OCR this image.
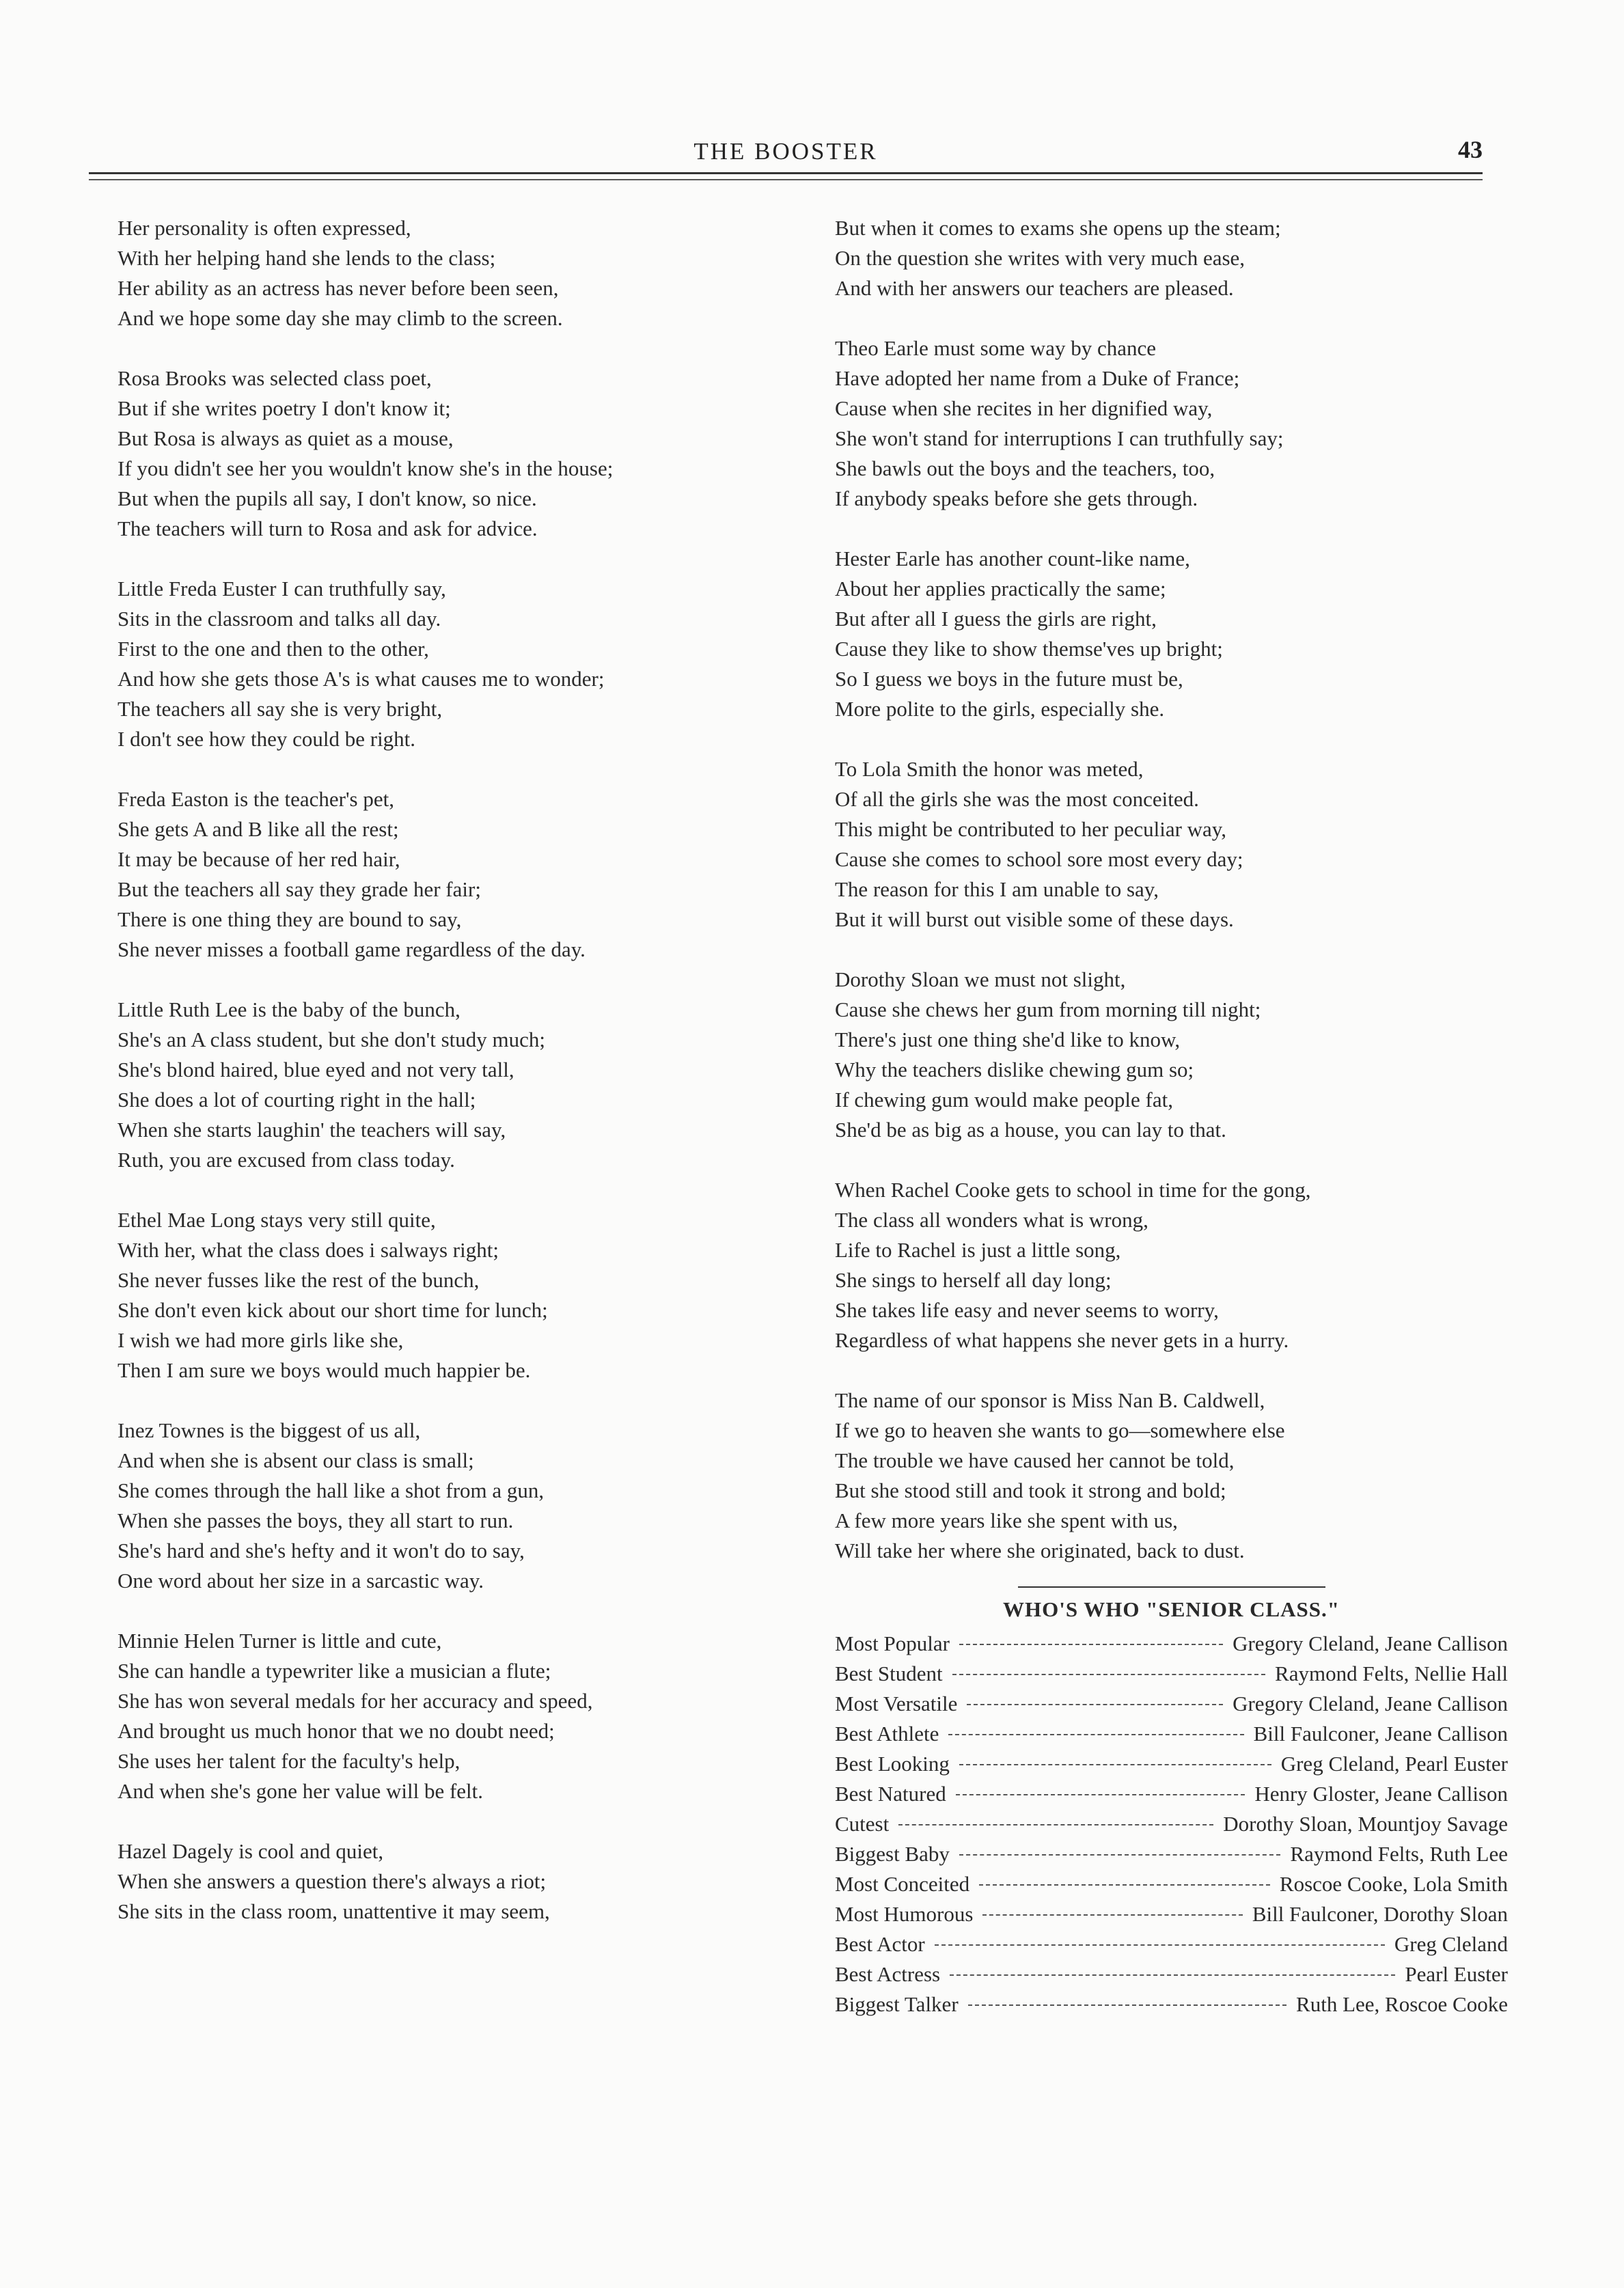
THE BOOSTER	43
Her personality is often expressed,
With her helping hand she lends to the class;
Her ability as an actress has never before been seen,
And we hope some day she may climb to the screen.
Rosa Brooks was selected class poet,
But if she writes poetry I don't know it;
But Rosa is always as quiet as a mouse,
If you didn't see her you wouldn't know she's in the house;
But when the pupils all say, I don't know, so nice.
The teachers will turn to Rosa and ask for advice.
Little Freda Euster I can truthfully say,
Sits in the classroom and talks all day.
First to the one and then to the other,
And how she gets those A's is what causes me to wonder;
The teachers all say she is very bright,
I don't see how they could be right.
Freda Easton is the teacher's pet,
She gets A and B like all the rest;
It may be because of her red hair,
But the teachers all say they grade her fair;
There is one thing they are bound to say,
She never misses a football game regardless of the day.
Little Ruth Lee is the baby of the bunch,
She's an A class student, but she don't study much;
She's blond haired, blue eyed and not very tall,
She does a lot of courting right in the hall;
When she starts laughin' the teachers will say,
Ruth, you are excused from class today.
Ethel Mae Long stays very still quite,
With her, what the class does i salways right;
She never fusses like the rest of the bunch,
She don't even kick about our short time for lunch;
I wish we had more girls like she,
Then I am sure we boys would much happier be.
Inez Townes is the biggest of us all,
And when she is absent our class is small;
She comes through the hall like a shot from a gun,
When she passes the boys, they all start to run.
She's hard and she's hefty and it won't do to say,
One word about her size in a sarcastic way.
Minnie Helen Turner is little and cute,
She can handle a typewriter like a musician a flute;
She has won several medals for her accuracy and speed,
And brought us much honor that we no doubt need;
She uses her talent for the faculty's help,
And when she's gone her value will be felt.
Hazel Dagely is cool and quiet,
When she answers a question there's always a riot;
She sits in the class room, unattentive it may seem,
But when it comes to exams she opens up the steam;
On the question she writes with very much ease,
And with her answers our teachers are pleased.
Theo Earle must some way by chance
Have adopted her name from a Duke of France;
Cause when she recites in her dignified way,
She won't stand for interruptions I can truthfully say;
She bawls out the boys and the teachers, too,
If anybody speaks before she gets through.
Hester Earle has another count-like name,
About her applies practically the same;
But after all I guess the girls are right,
Cause they like to show themse'ves up bright;
So I guess we boys in the future must be,
More polite to the girls, especially she.
To Lola Smith the honor was meted,
Of all the girls she was the most conceited.
This might be contributed to her peculiar way,
Cause she comes to school sore most every day;
The reason for this I am unable to say,
But it will burst out visible some of these days.
Dorothy Sloan we must not slight,
Cause she chews her gum from morning till night;
There's just one thing she'd like to know,
Why the teachers dislike chewing gum so;
If chewing gum would make people fat,
She'd be as big as a house, you can lay to that.
When Rachel Cooke gets to school in time for the gong,
The class all wonders what is wrong,
Life to Rachel is just a little song,
She sings to herself all day long;
She takes life easy and never seems to worry,
Regardless of what happens she never gets in a hurry.
The name of our sponsor is Miss Nan B. Caldwell,
If we go to heaven she wants to go—somewhere else
The trouble we have caused her cannot be told,
But she stood still and took it strong and bold;
A few more years like she spent with us,
Will take her where she originated, back to dust.
WHO'S WHO "SENIOR CLASS."
Most Popular	Gregory Cleland, Jeane Callison
Best Student	Raymond Felts, Nellie Hall
Most Versatile	Gregory Cleland, Jeane Callison
Best Athlete	Bill Faulconer, Jeane Callison
Best Looking	Greg Cleland, Pearl Euster
Best Natured	Henry Gloster, Jeane Callison
Cutest	Dorothy Sloan, Mountjoy Savage
Biggest Baby	Raymond Felts, Ruth Lee
Most Conceited	Roscoe Cooke, Lola Smith
Most Humorous	Bill Faulconer, Dorothy Sloan
Best Actor	Greg Cleland
Best Actress	Pearl Euster
Biggest Talker	Ruth Lee, Roscoe Cooke
